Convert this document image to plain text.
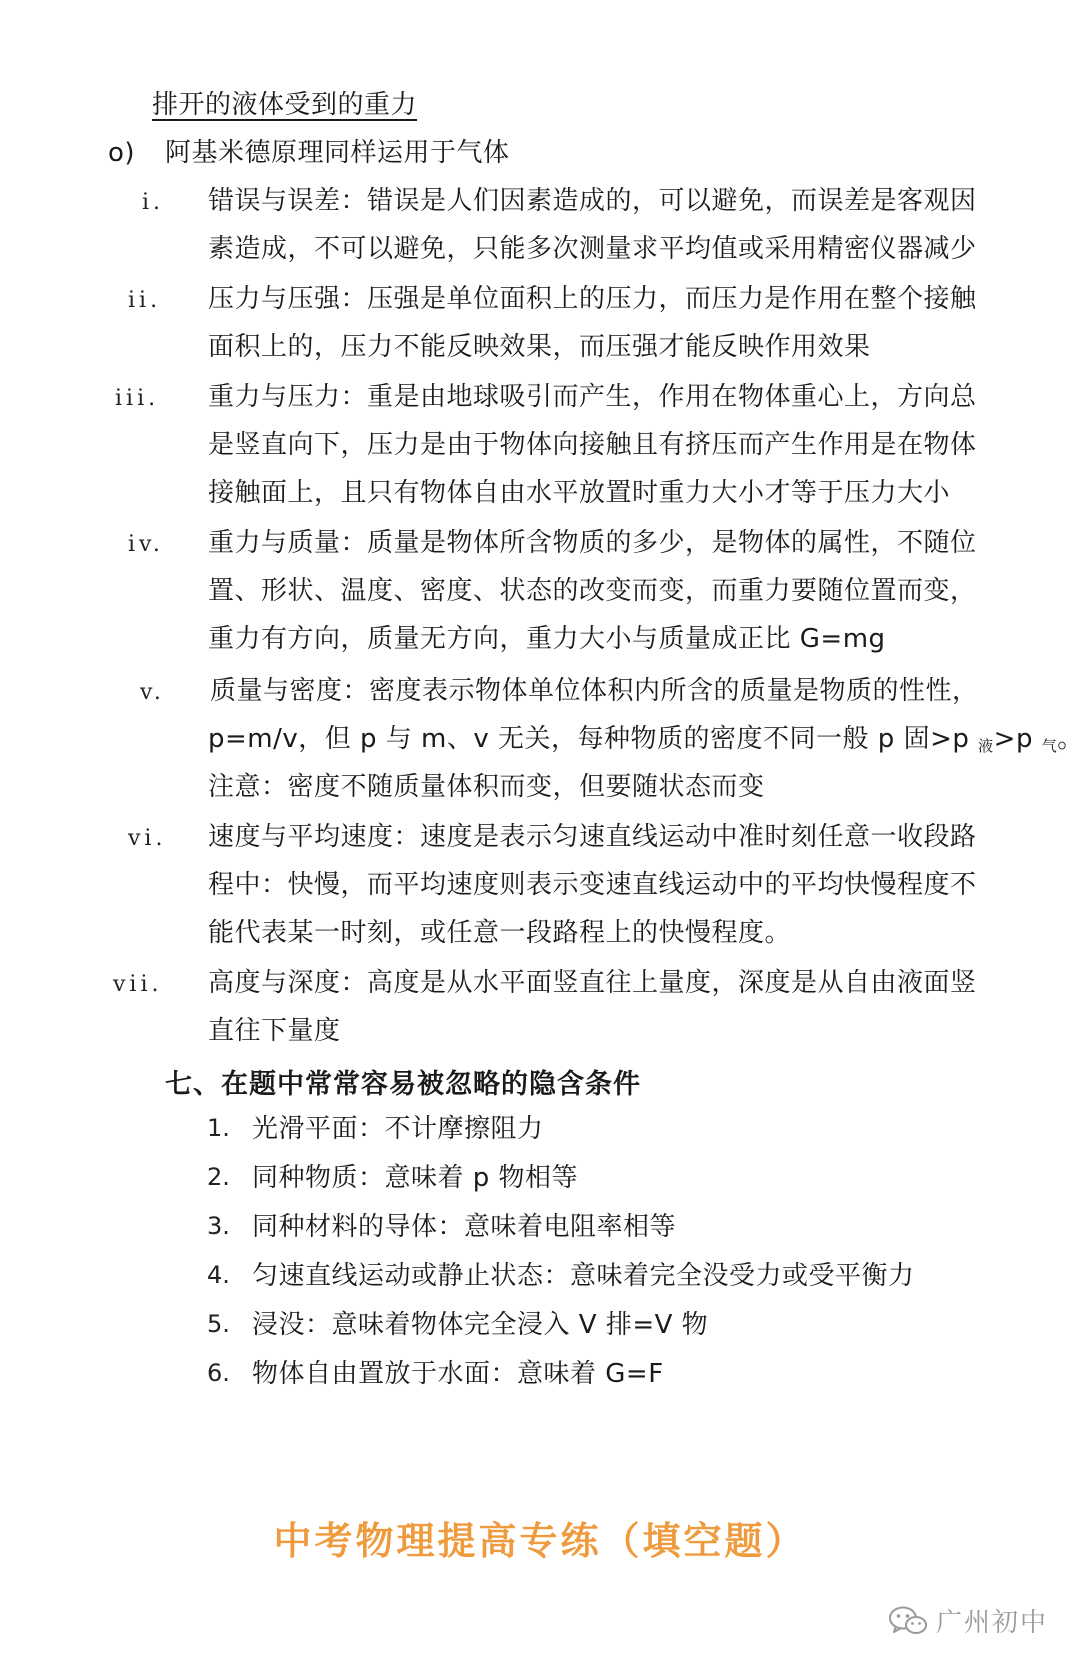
排开的液体受到的重力
o) 阿基米德原理同样运用于气体
i. 错误与误差：错误是人们因素造成的，可以避免，而误差是客观因
素造成，不可以避免，只能多次测量求平均值或采用精密仪器减少
ii. 压力与压强：压强是单位面积上的压力，而压力是作用在整个接触
面积上的，压力不能反映效果，而压强才能反映作用效果
iii. 重力与压力：重是由地球吸引而产生，作用在物体重心上，方向总
是竖直向下，压力是由于物体向接触且有挤压而产生作用是在物体
接触面上，且只有物体自由水平放置时重力大小才等于压力大小
iv. 重力与质量：质量是物体所含物质的多少，是物体的属性，不随位
置、形状、温度、密度、状态的改变而变，而重力要随位置而变，
重力有方向，质量无方向，重力大小与质量成正比 G=mg
v. 质量与密度：密度表示物体单位体积内所含的质量是物质的性性，
p=m/v，但 p 与 m、v 无关，每种物质的密度不同一般 p 固>p $_液$>p $_气$。
注意：密度不随质量体积而变，但要随状态而变
vi. 速度与平均速度：速度是表示匀速直线运动中准时刻任意一收段路
程中：快慢，而平均速度则表示变速直线运动中的平均快慢程度不
能代表某一时刻，或任意一段路程上的快慢程度。
vii. 高度与深度：高度是从水平面竖直往上量度，深度是从自由液面竖
直往下量度
七、在题中常常容易被忽略的隐含条件
1. 光滑平面：不计摩擦阻力
2. 同种物质：意味着 p 物相等
3. 同种材料的导体：意味着电阻率相等
4. 匀速直线运动或静止状态：意味着完全没受力或受平衡力
5. 浸没：意味着物体完全浸入 V 排=V 物
6. 物体自由置放于水面：意味着 G=F
中考物理提高专练（填空题）
广州初中
